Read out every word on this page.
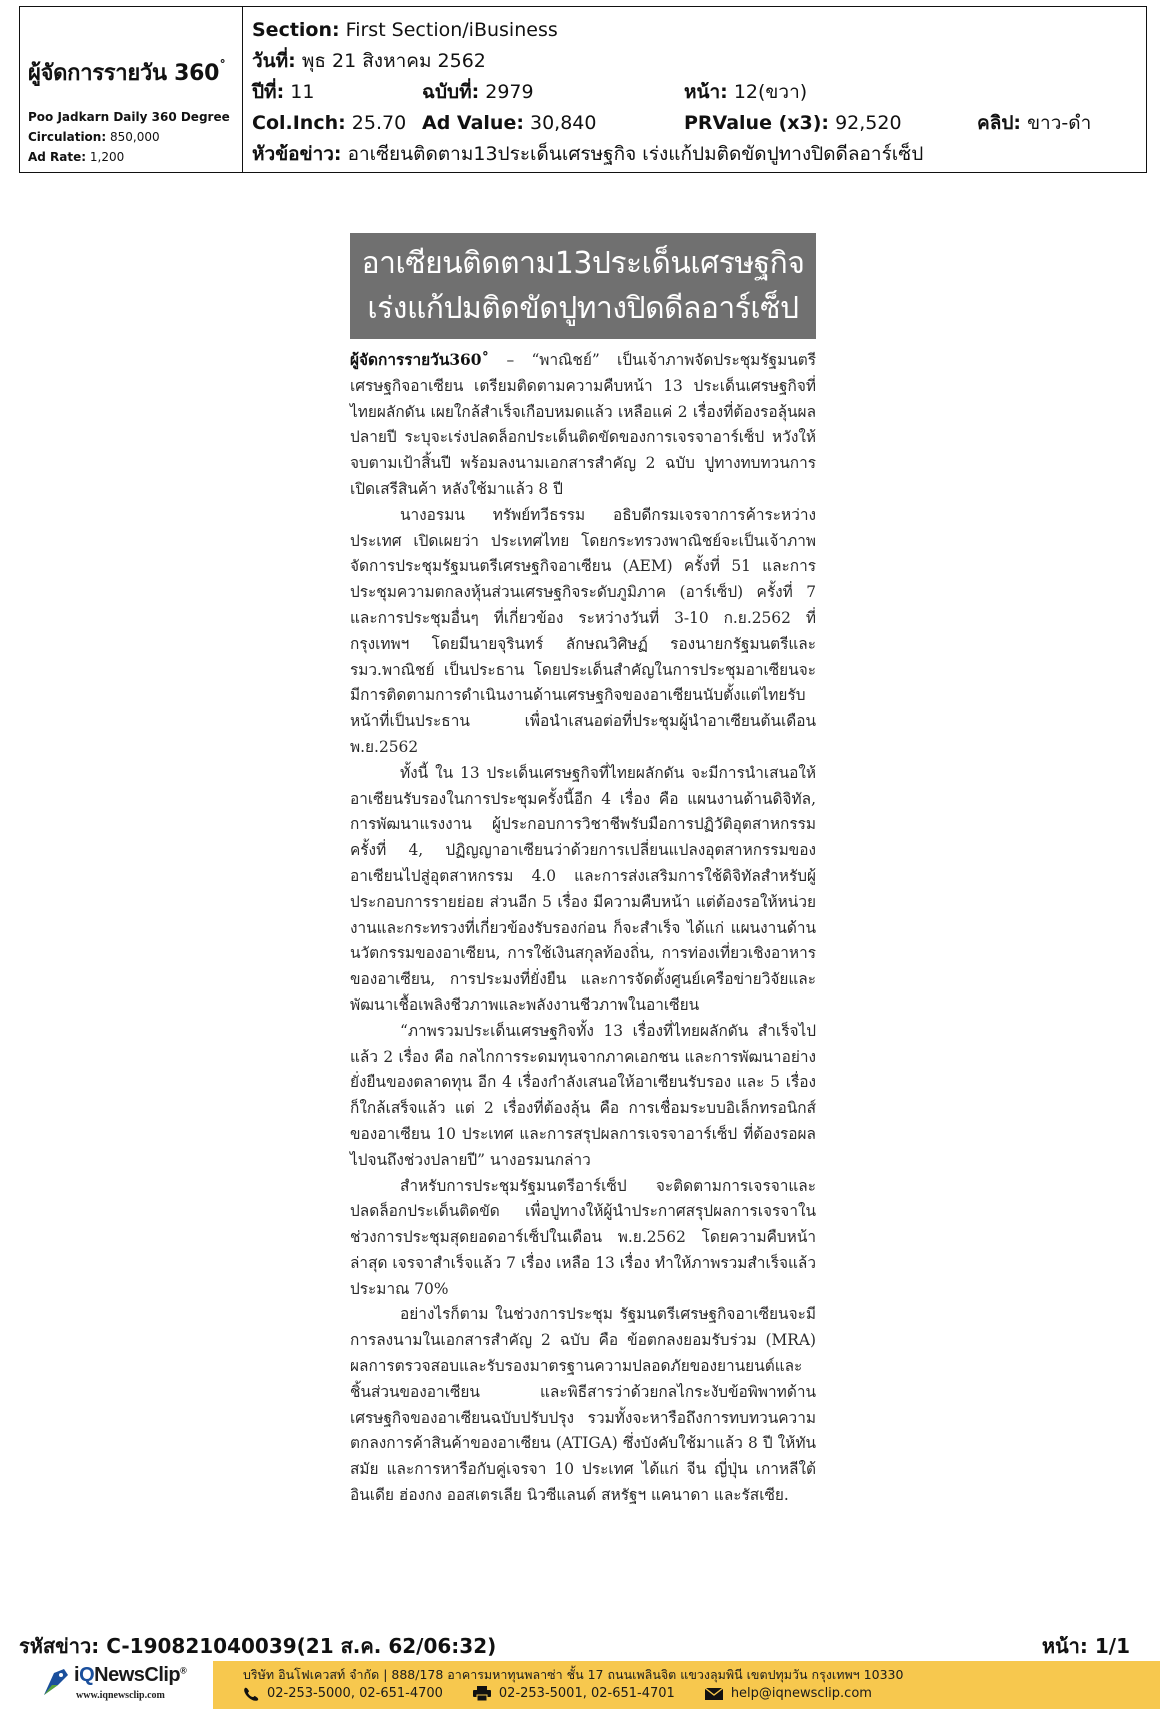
ผู้จัดการรายวัน 360˚
Poo Jadkarn Daily 360 Degree
Circulation: 850,000
Ad Rate: 1,200
Section: First Section/iBusiness
วันที่: พุธ 21 สิงหาคม 2562
ปีที่: 11	ฉบับที่: 2979	หน้า: 12(ขวา)
Col.Inch: 25.70 Ad Value: 30,840	PRValue (x3): 92,520	คลิป: ขาว-ดำ
หัวข้อข่าว: อาเซียนติดตาม13ประเด็นเศรษฐกิจ เร่งแก้ปมติดขัดปูทางปิดดีลอาร์เซ็ป
อาเซียนติดตาม13ประเด็นเศรษฐกิจ
เร่งแก้ปมติดขัดปูทางปิดดีลอาร์เซ็ป

ผู้จัดการรายวัน360˚ – “พาณิชย์” เป็นเจ้าภาพจัดประชุมรัฐมนตรีเศรษฐกิจอาเซียน เตรียมติดตามความคืบหน้า 13 ประเด็นเศรษฐกิจที่ไทยผลักดัน เผยใกล้สำเร็จเกือบหมดแล้ว เหลือแค่ 2 เรื่องที่ต้องรอลุ้นผลปลายปี ระบุจะเร่งปลดล็อกประเด็นติดขัดของการเจรจาอาร์เซ็ป หวังให้จบตามเป้าสิ้นปี พร้อมลงนามเอกสารสำคัญ 2 ฉบับ ปูทางทบทวนการเปิดเสรีสินค้า หลังใช้มาแล้ว 8 ปี

นางอรมน ทรัพย์ทวีธรรม อธิบดีกรมเจรจาการค้าระหว่างประเทศ เปิดเผยว่า ประเทศไทย โดยกระทรวงพาณิชย์จะเป็นเจ้าภาพจัดการประชุมรัฐมนตรีเศรษฐกิจอาเซียน (AEM) ครั้งที่ 51 และการประชุมความตกลงหุ้นส่วนเศรษฐกิจระดับภูมิภาค (อาร์เซ็ป) ครั้งที่ 7 และการประชุมอื่นๆ ที่เกี่ยวข้อง ระหว่างวันที่ 3-10 ก.ย.2562 ที่กรุงเทพฯ โดยมีนายจุรินทร์ ลักษณวิศิษฏ์ รองนายกรัฐมนตรีและ รมว.พาณิชย์ เป็นประธาน โดยประเด็นสำคัญในการประชุมอาเซียนจะมีการติดตามการดำเนินงานด้านเศรษฐกิจของอาเซียนนับตั้งแต่ไทยรับหน้าที่เป็นประธาน เพื่อนำเสนอต่อที่ประชุมผู้นำอาเซียนต้นเดือน พ.ย.2562

ทั้งนี้ ใน 13 ประเด็นเศรษฐกิจที่ไทยผลักดัน จะมีการนำเสนอให้อาเซียนรับรองในการประชุมครั้งนี้อีก 4 เรื่อง คือ แผนงานด้านดิจิทัล, การพัฒนาแรงงาน ผู้ประกอบการวิชาชีพรับมือการปฏิวัติอุตสาหกรรมครั้งที่ 4, ปฏิญญาอาเซียนว่าด้วยการเปลี่ยนแปลงอุตสาหกรรมของอาเซียนไปสู่อุตสาหกรรม 4.0 และการส่งเสริมการใช้ดิจิทัลสำหรับผู้ประกอบการรายย่อย ส่วนอีก 5 เรื่อง มีความคืบหน้า แต่ต้องรอให้หน่วยงานและกระทรวงที่เกี่ยวข้องรับรองก่อน ก็จะสำเร็จ ได้แก่ แผนงานด้านนวัตกรรมของอาเซียน, การใช้เงินสกุลท้องถิ่น, การท่องเที่ยวเชิงอาหารของอาเซียน, การประมงที่ยั่งยืน และการจัดตั้งศูนย์เครือข่ายวิจัยและพัฒนาเชื้อเพลิงชีวภาพและพลังงานชีวภาพในอาเซียน

“ภาพรวมประเด็นเศรษฐกิจทั้ง 13 เรื่องที่ไทยผลักดัน สำเร็จไปแล้ว 2 เรื่อง คือ กลไกการระดมทุนจากภาคเอกชน และการพัฒนาอย่างยั่งยืนของตลาดทุน อีก 4 เรื่องกำลังเสนอให้อาเซียนรับรอง และ 5 เรื่อง ก็ใกล้เสร็จแล้ว แต่ 2 เรื่องที่ต้องลุ้น คือ การเชื่อมระบบอิเล็กทรอนิกส์ของอาเซียน 10 ประเทศ และการสรุปผลการเจรจาอาร์เซ็ป ที่ต้องรอผลไปจนถึงช่วงปลายปี” นางอรมนกล่าว

สำหรับการประชุมรัฐมนตรีอาร์เซ็ป จะติดตามการเจรจาและปลดล็อกประเด็นติดขัด เพื่อปูทางให้ผู้นำประกาศสรุปผลการเจรจาในช่วงการประชุมสุดยอดอาร์เซ็ปในเดือน พ.ย.2562 โดยความคืบหน้าล่าสุด เจรจาสำเร็จแล้ว 7 เรื่อง เหลือ 13 เรื่อง ทำให้ภาพรวมสำเร็จแล้วประมาณ 70%

อย่างไรก็ตาม ในช่วงการประชุม รัฐมนตรีเศรษฐกิจอาเซียนจะมีการลงนามในเอกสารสำคัญ 2 ฉบับ คือ ข้อตกลงยอมรับร่วม (MRA) ผลการตรวจสอบและรับรองมาตรฐานความปลอดภัยของยานยนต์และชิ้นส่วนของอาเซียน และพิธีสารว่าด้วยกลไกระงับข้อพิพาทด้านเศรษฐกิจของอาเซียนฉบับปรับปรุง รวมทั้งจะหารือถึงการทบทวนความตกลงการค้าสินค้าของอาเซียน (ATIGA) ซึ่งบังคับใช้มาแล้ว 8 ปี ให้ทันสมัย และการหารือกับคู่เจรจา 10 ประเทศ ได้แก่ จีน ญี่ปุ่น เกาหลีใต้ อินเดีย ฮ่องกง ออสเตรเลีย นิวซีแลนด์ สหรัฐฯ แคนาดา และรัสเซีย.

รหัสข่าว: C-190821040039(21 ส.ค. 62/06:32)	หน้า: 1/1
iQNewsClip®
www.iqnewsclip.com
บริษัท อินโฟเควสท์ จำกัด | 888/178 อาคารมหาทุนพลาซ่า ชั้น 17 ถนนเพลินจิต แขวงลุมพินี เขตปทุมวัน กรุงเทพฯ 10330
02-253-5000, 02-651-4700	02-253-5001, 02-651-4701	help@iqnewsclip.com
